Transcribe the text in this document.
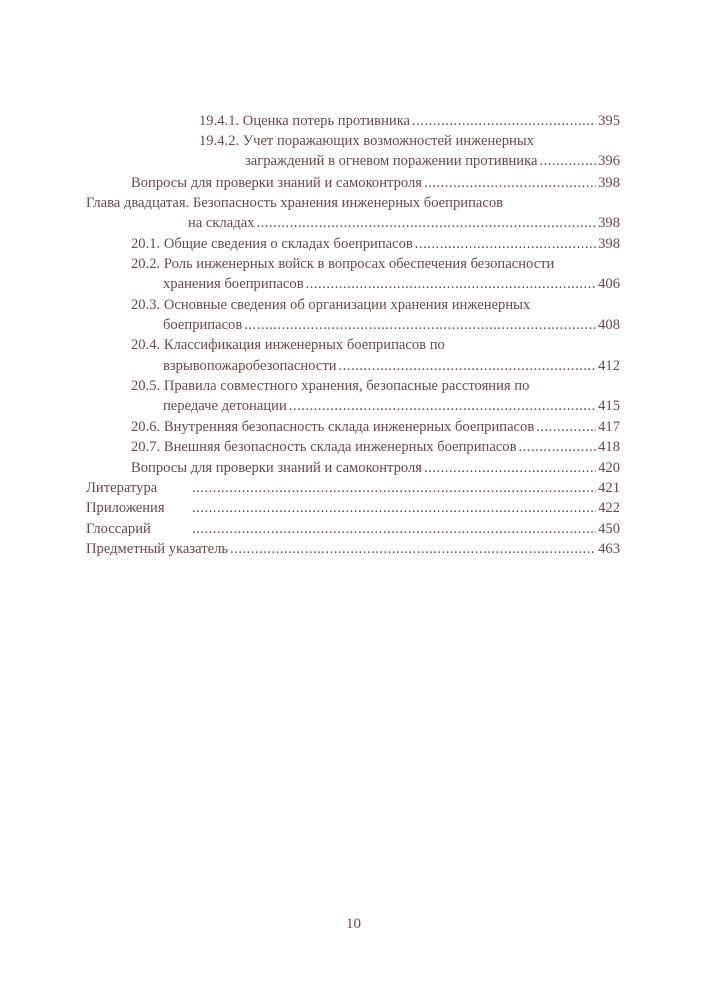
19.4.1. Оценка потерь противника .....	395
19.4.2. Учет поражающих возможностей инженерных
заграждений в огневом поражении противника .....	396
Вопросы для проверки знаний и самоконтроля .....	398
Глава двадцатая. Безопасность хранения инженерных боеприпасов
на складах .....	398
20.1. Общие сведения о складах боеприпасов .....	398
20.2. Роль инженерных войск в вопросах обеспечения безопасности
хранения боеприпасов .....	406
20.3. Основные сведения об организации хранения инженерных
боеприпасов .....	408
20.4. Классификация инженерных боеприпасов по
взрывопожаробезопасности .....	412
20.5. Правила совместного хранения, безопасные расстояния по
передаче детонации .....	415
20.6. Внутренняя безопасность склада инженерных боеприпасов .....	417
20.7. Внешняя безопасность склада инженерных боеприпасов .....	418
Вопросы для проверки знаний и самоконтроля .....	420
Литература .....	421
Приложения .....	422
Глоссарий .....	450
Предметный указатель .....	463
10
